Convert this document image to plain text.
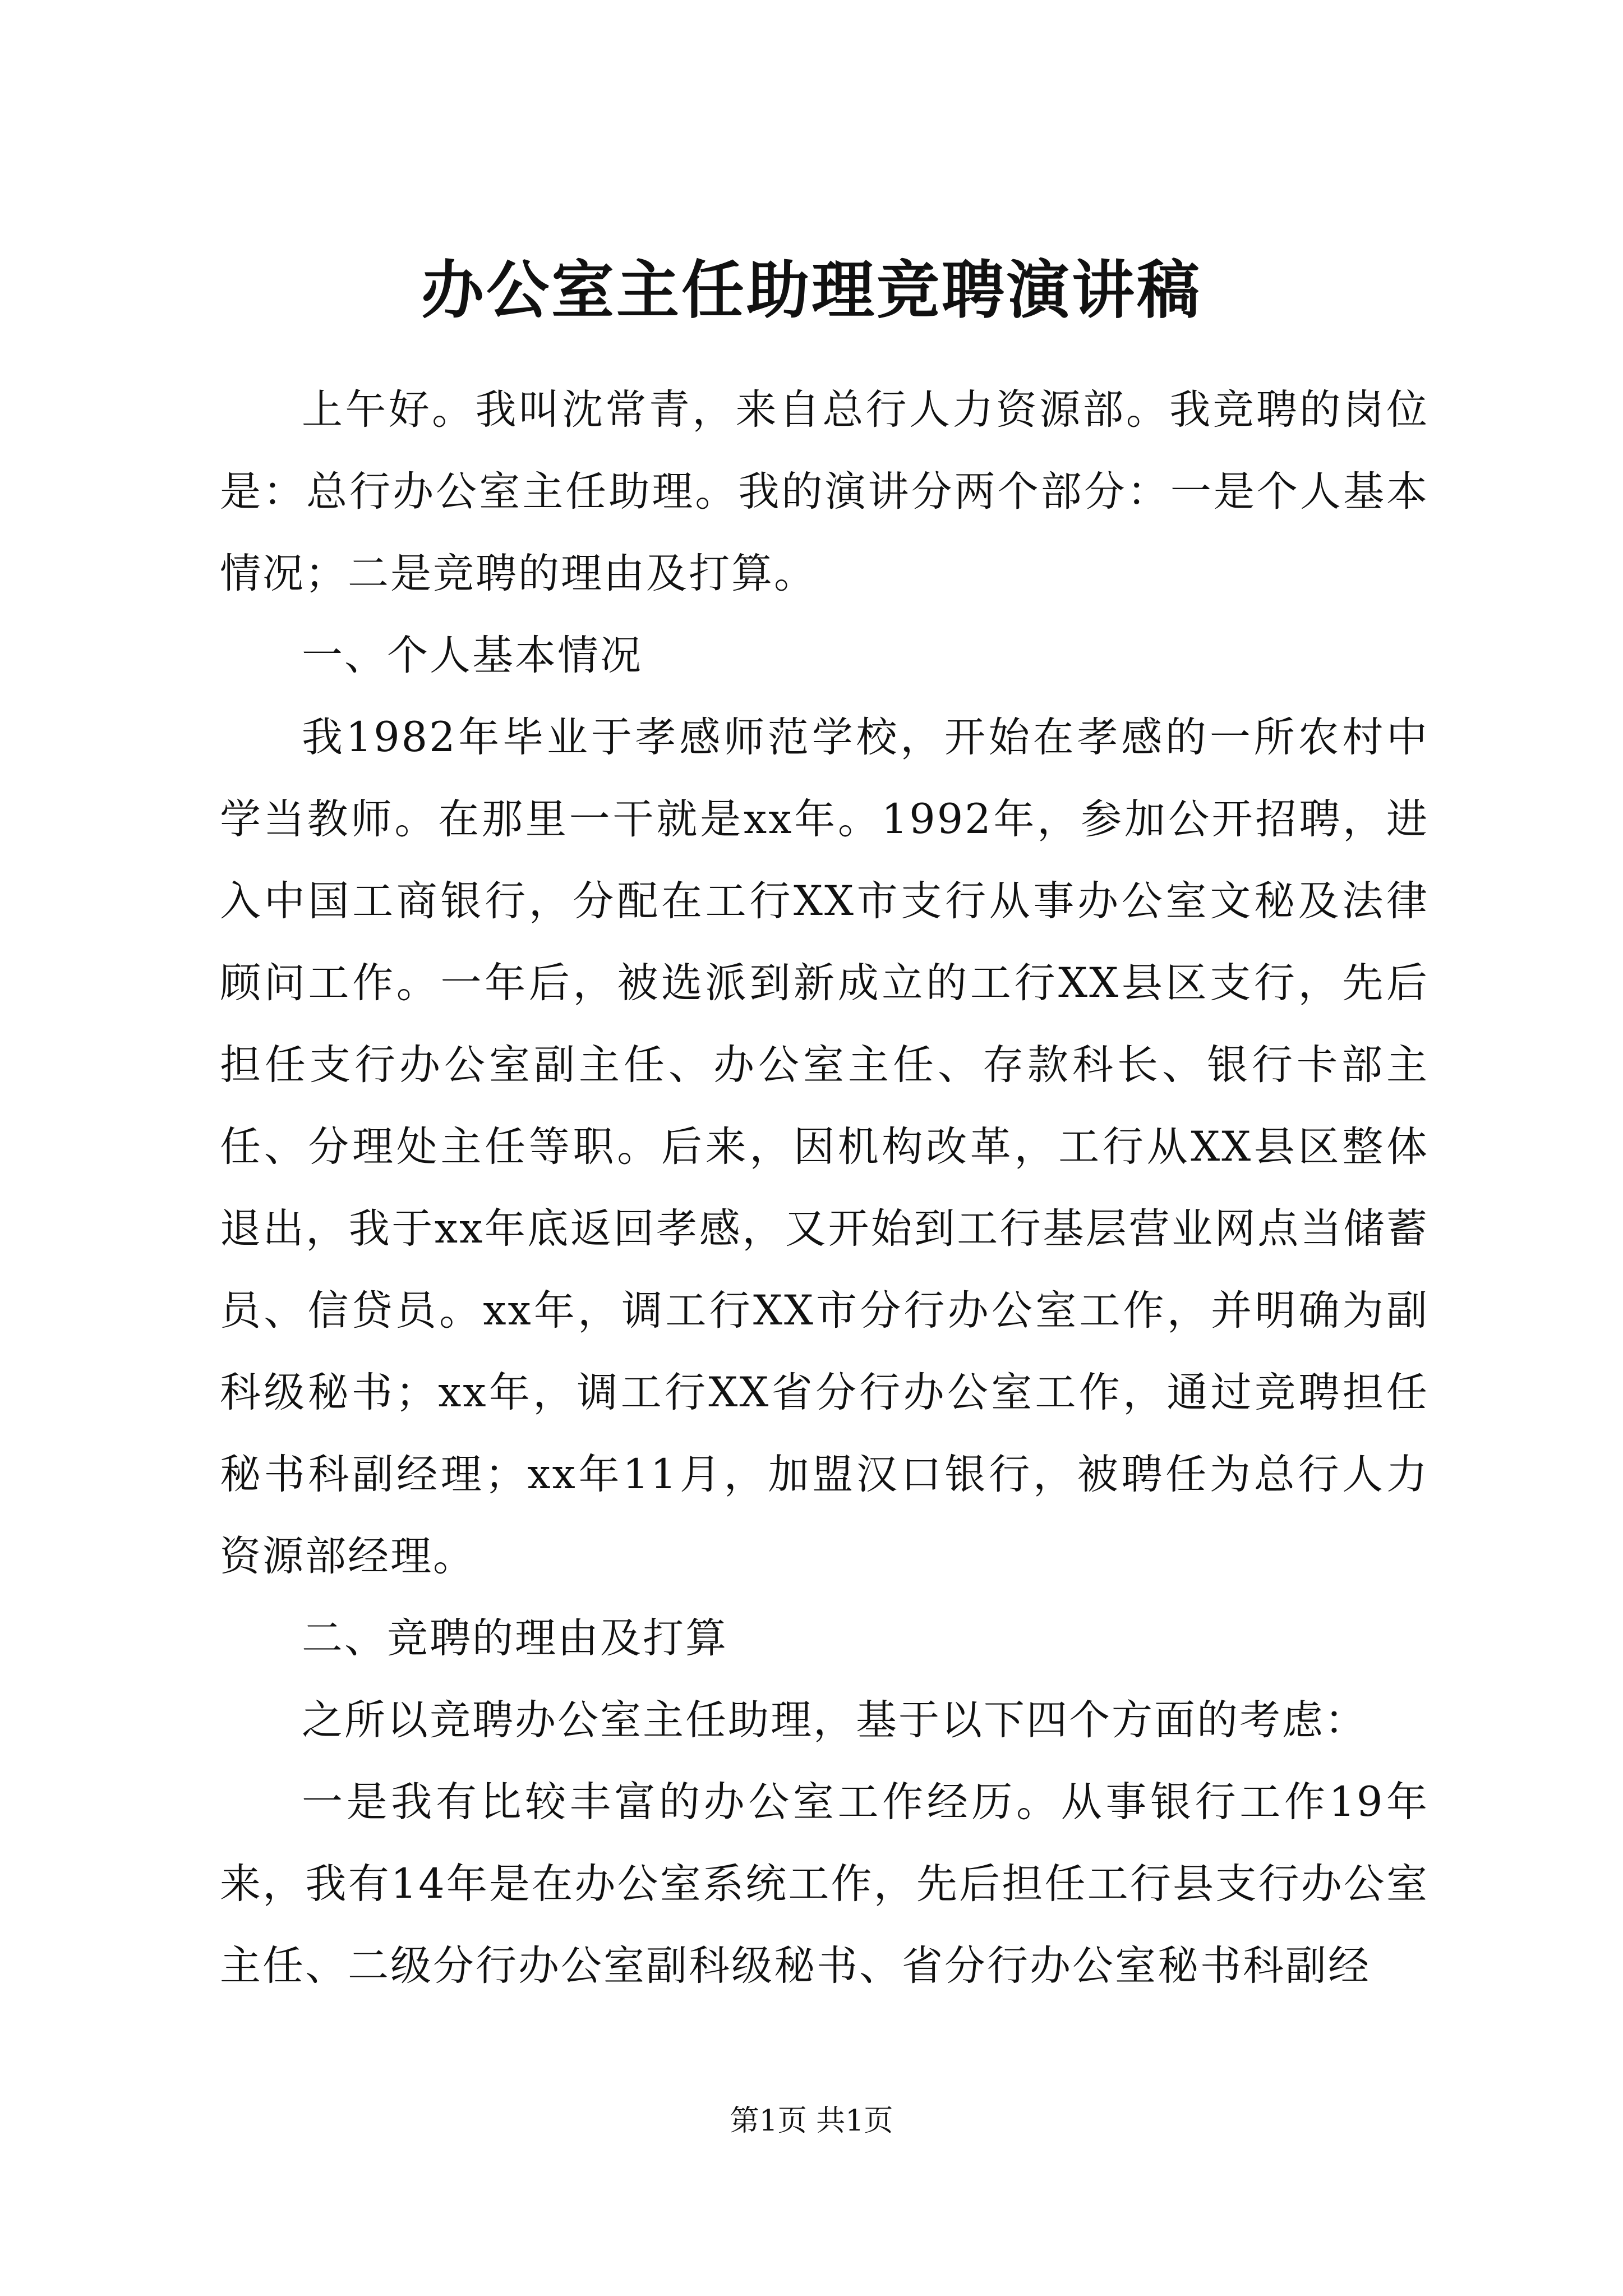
办公室主任助理竞聘演讲稿

上午好。我叫沈常青，来自总行人力资源部。我竞聘的岗位是：总行办公室主任助理。我的演讲分两个部分：一是个人基本情况；二是竞聘的理由及打算。

一、个人基本情况

我1982年毕业于孝感师范学校，开始在孝感的一所农村中学当教师。在那里一干就是xx年。1992年，参加公开招聘，进入中国工商银行，分配在工行XX市支行从事办公室文秘及法律顾问工作。一年后，被选派到新成立的工行XX县区支行，先后担任支行办公室副主任、办公室主任、存款科长、银行卡部主任、分理处主任等职。后来，因机构改革，工行从XX县区整体退出，我于xx年底返回孝感，又开始到工行基层营业网点当储蓄员、信贷员。xx年，调工行XX市分行办公室工作，并明确为副科级秘书；xx年，调工行XX省分行办公室工作，通过竞聘担任秘书科副经理；xx年11月，加盟汉口银行，被聘任为总行人力资源部经理。

二、竞聘的理由及打算

之所以竞聘办公室主任助理，基于以下四个方面的考虑：

一是我有比较丰富的办公室工作经历。从事银行工作19年来，我有14年是在办公室系统工作，先后担任工行县支行办公室主任、二级分行办公室副科级秘书、省分行办公室秘书科副经

第1页 共1页
